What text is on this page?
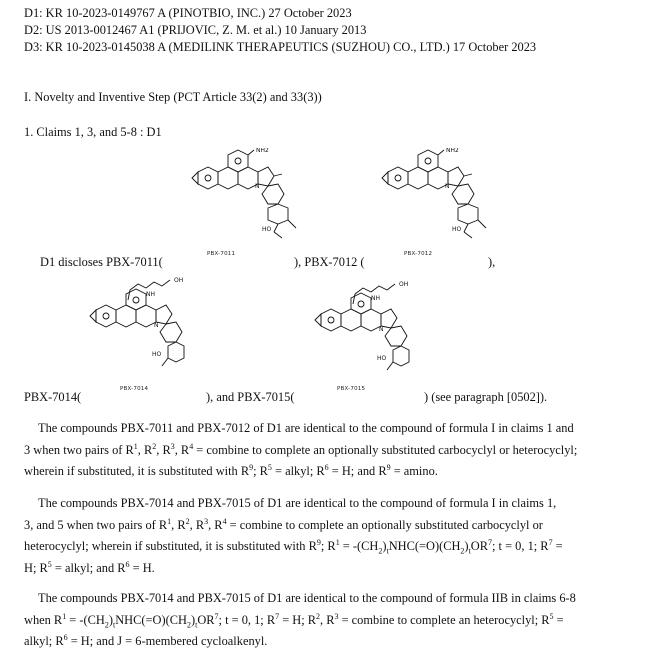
D1: KR 10-2023-0149767 A (PINOTBIO, INC.) 27 October 2023
D2: US 2013-0012467 A1 (PRIJOVIC, Z. M. et al.) 10 January 2013
D3: KR 10-2023-0145038 A (MEDILINK THERAPEUTICS (SUZHOU) CO., LTD.) 17 October 2023
I. Novelty and Inventive Step (PCT Article 33(2) and 33(3))
1. Claims 1, 3, and 5-8 : D1
NH2
HO
N
NH2
HO
N
D1 discloses PBX-7011(
PBX-7011
), PBX-7012 (
PBX-7012
),
OH
NH
HO
N
OH
NH
HO
N
PBX-7014(
PBX-7014
), and PBX-7015(
PBX-7015
) (see paragraph [0502]).
The compounds PBX-7011 and PBX-7012 of D1 are identical to the compound of formula I in claims 1 and
3 when two pairs of $R^1$, $R^2$, $R^3$, $R^4$ = combine to complete an optionally substituted carbocyclyl or heterocyclyl;
wherein if substituted, it is substituted with $R^9$; $R^5$ = alkyl; $R^6 = H$; and $R^9 = amino$.
The compounds PBX-7014 and PBX-7015 of D1 are identical to the compound of formula I in claims 1,
3, and 5 when two pairs of $R^1$, $R^2$, $R^3$, $R^4$ = combine to complete an optionally substituted carbocyclyl or
heterocyclyl; wherein if substituted, it is substituted with $R^9$; $R^1 = -(CH_2)_tNHC(=O)(CH_2)_tOR^7$; t = 0, 1; $R^7$ =
H; $R^5$ = alkyl; and $R^6 = H$.
The compounds PBX-7014 and PBX-7015 of D1 are identical to the compound of formula IIB in claims 6-8
when $R^1 = -(CH_2)_tNHC(=O)(CH_2)_tOR^7$; t = 0, 1; $R^7 = H$; $R^2$, $R^3$ = combine to complete an heterocyclyl; $R^5$ =
alkyl; $R^6 = H$; and J = 6-membered cycloalkenyl.
